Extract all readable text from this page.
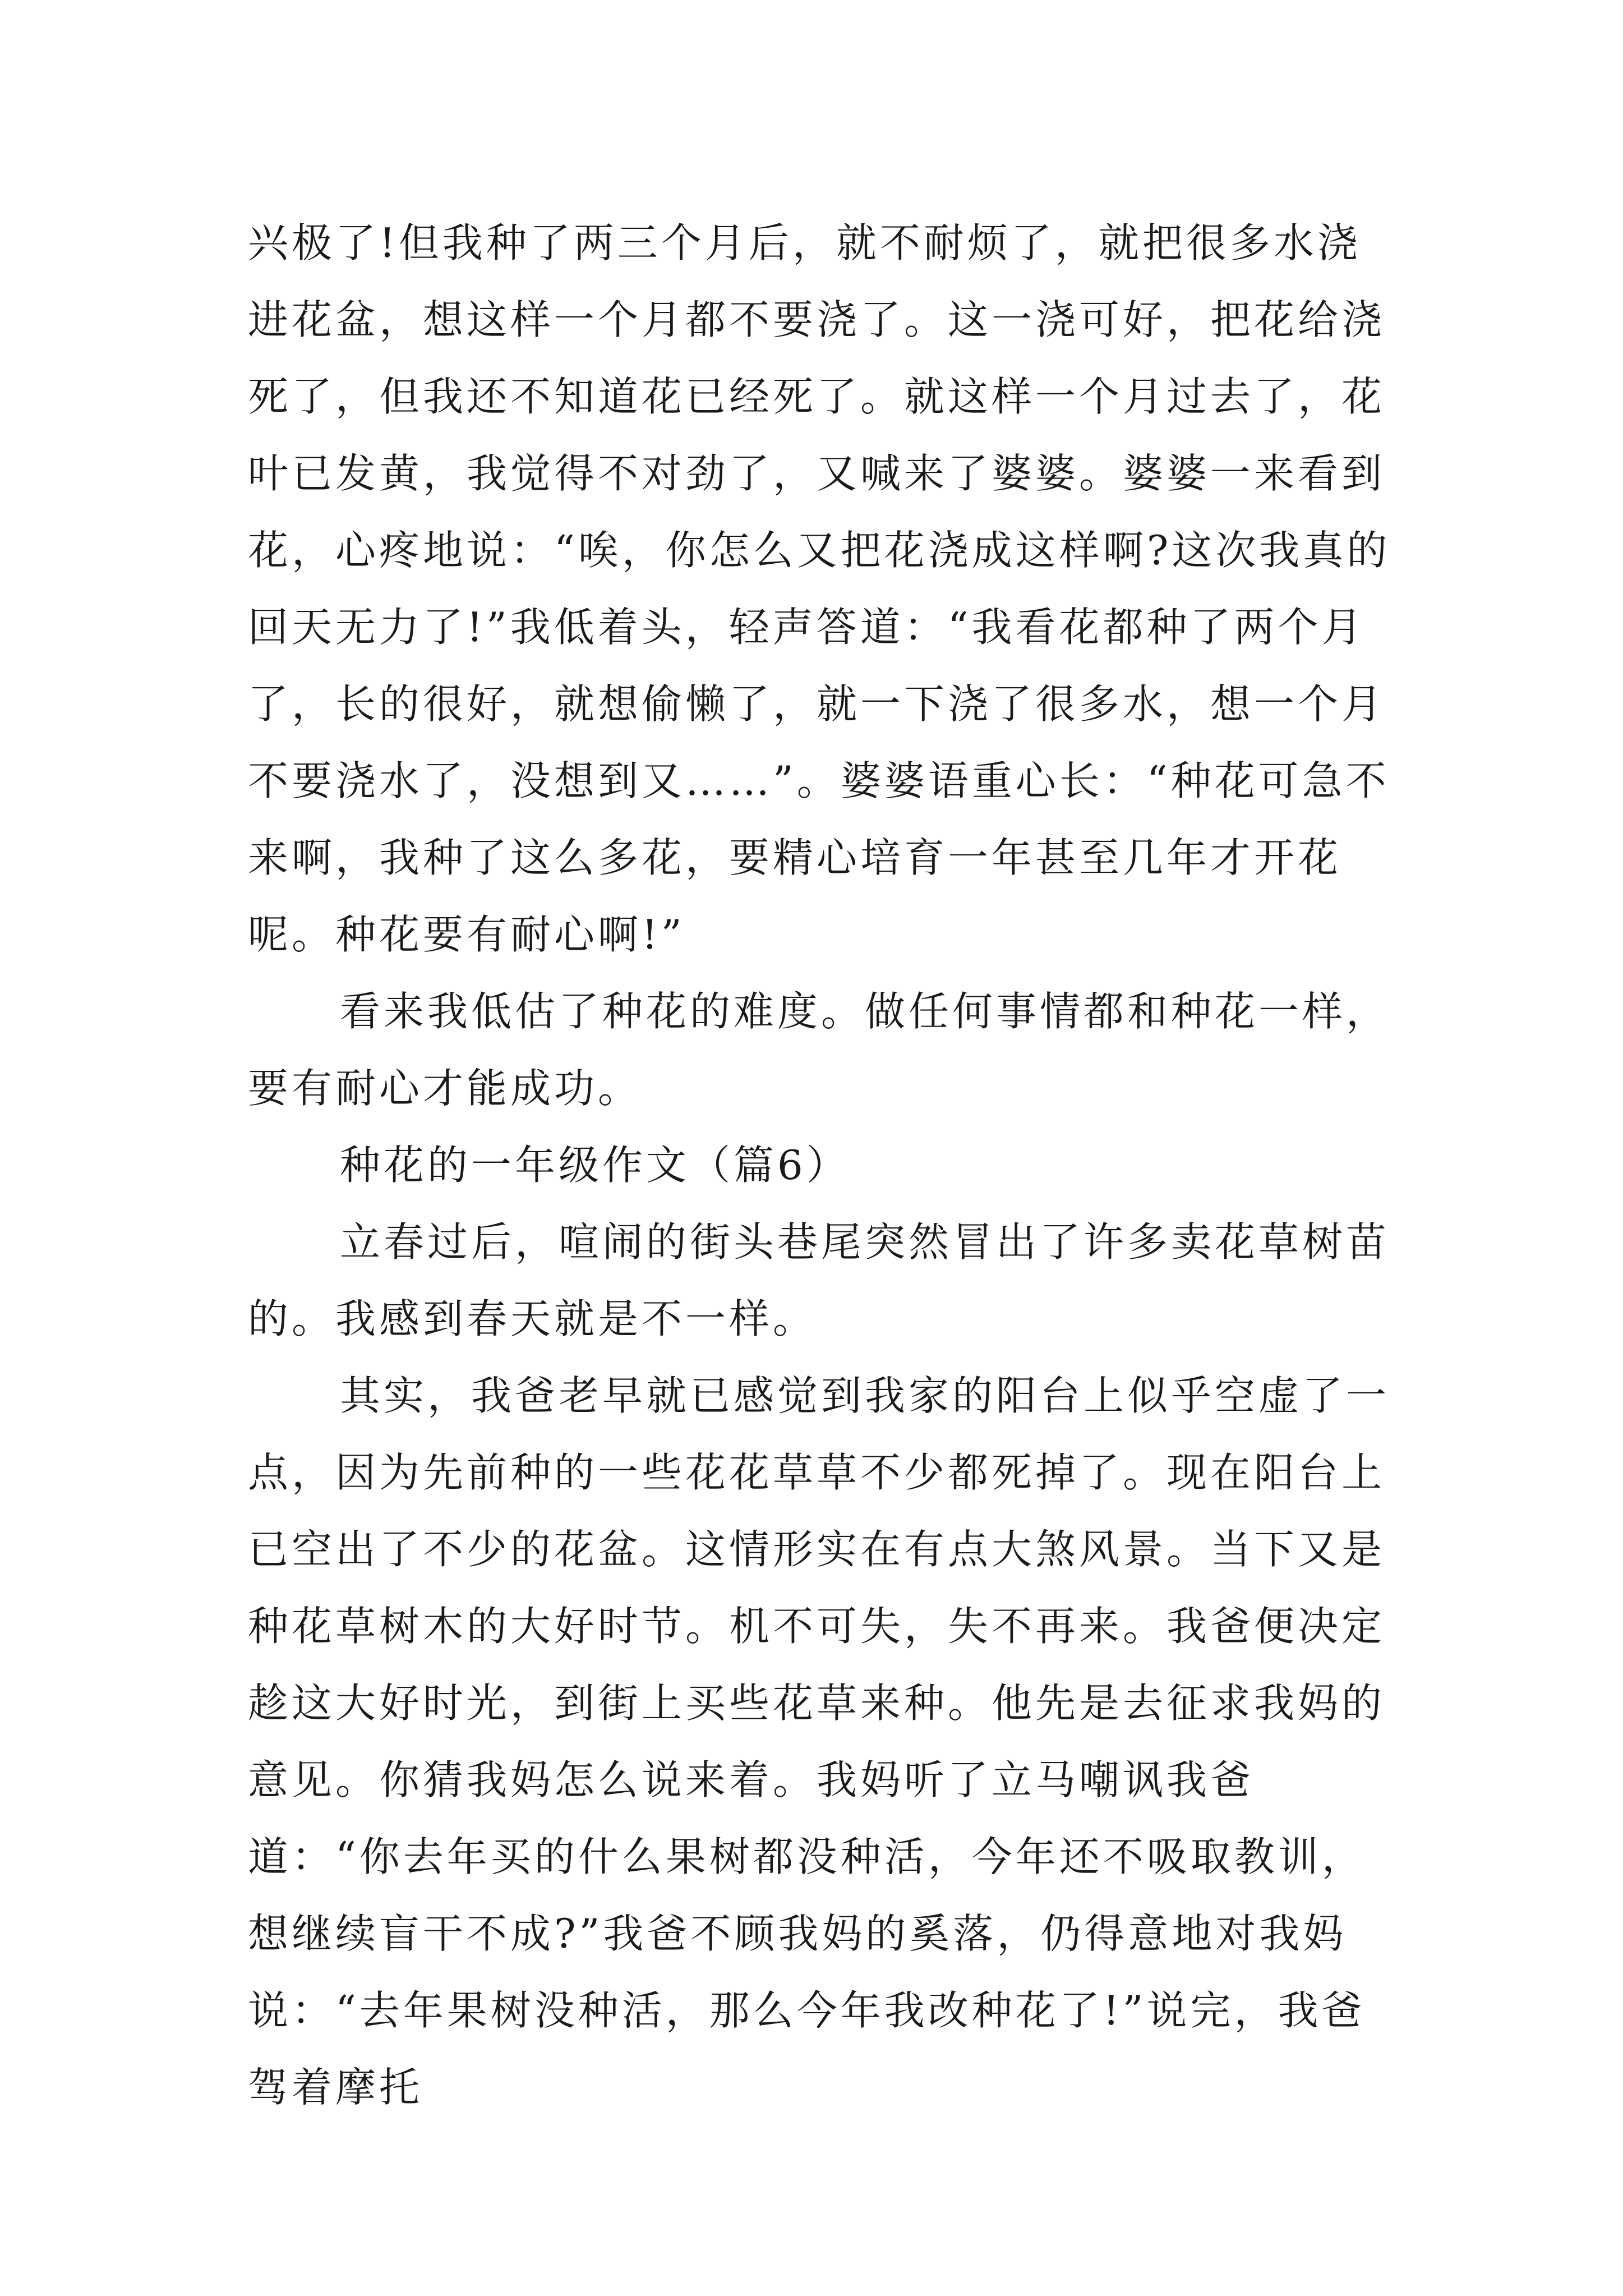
兴极了!但我种了两三个月后，就不耐烦了，就把很多水浇进花盆，想这样一个月都不要浇了。这一浇可好，把花给浇死了，但我还不知道花已经死了。就这样一个月过去了，花叶已发黄，我觉得不对劲了，又喊来了婆婆。婆婆一来看到花，心疼地说：“唉，你怎么又把花浇成这样啊?这次我真的回天无力了!”我低着头，轻声答道：“我看花都种了两个月了，长的很好，就想偷懒了，就一下浇了很多水，想一个月不要浇水了，没想到又……”。婆婆语重心长：“种花可急不来啊，我种了这么多花，要精心培育一年甚至几年才开花呢。种花要有耐心啊!”

看来我低估了种花的难度。做任何事情都和种花一样，要有耐心才能成功。

种花的一年级作文（篇6）

立春过后，喧闹的街头巷尾突然冒出了许多卖花草树苗的。我感到春天就是不一样。

其实，我爸老早就已感觉到我家的阳台上似乎空虚了一点，因为先前种的一些花花草草不少都死掉了。现在阳台上已空出了不少的花盆。这情形实在有点大煞风景。当下又是种花草树木的大好时节。机不可失，失不再来。我爸便决定趁这大好时光，到街上买些花草来种。他先是去征求我妈的意见。你猜我妈怎么说来着。我妈听了立马嘲讽我爸道：“你去年买的什么果树都没种活，今年还不吸取教训，想继续盲干不成?”我爸不顾我妈的奚落，仍得意地对我妈说：“去年果树没种活，那么今年我改种花了!”说完，我爸驾着摩托
